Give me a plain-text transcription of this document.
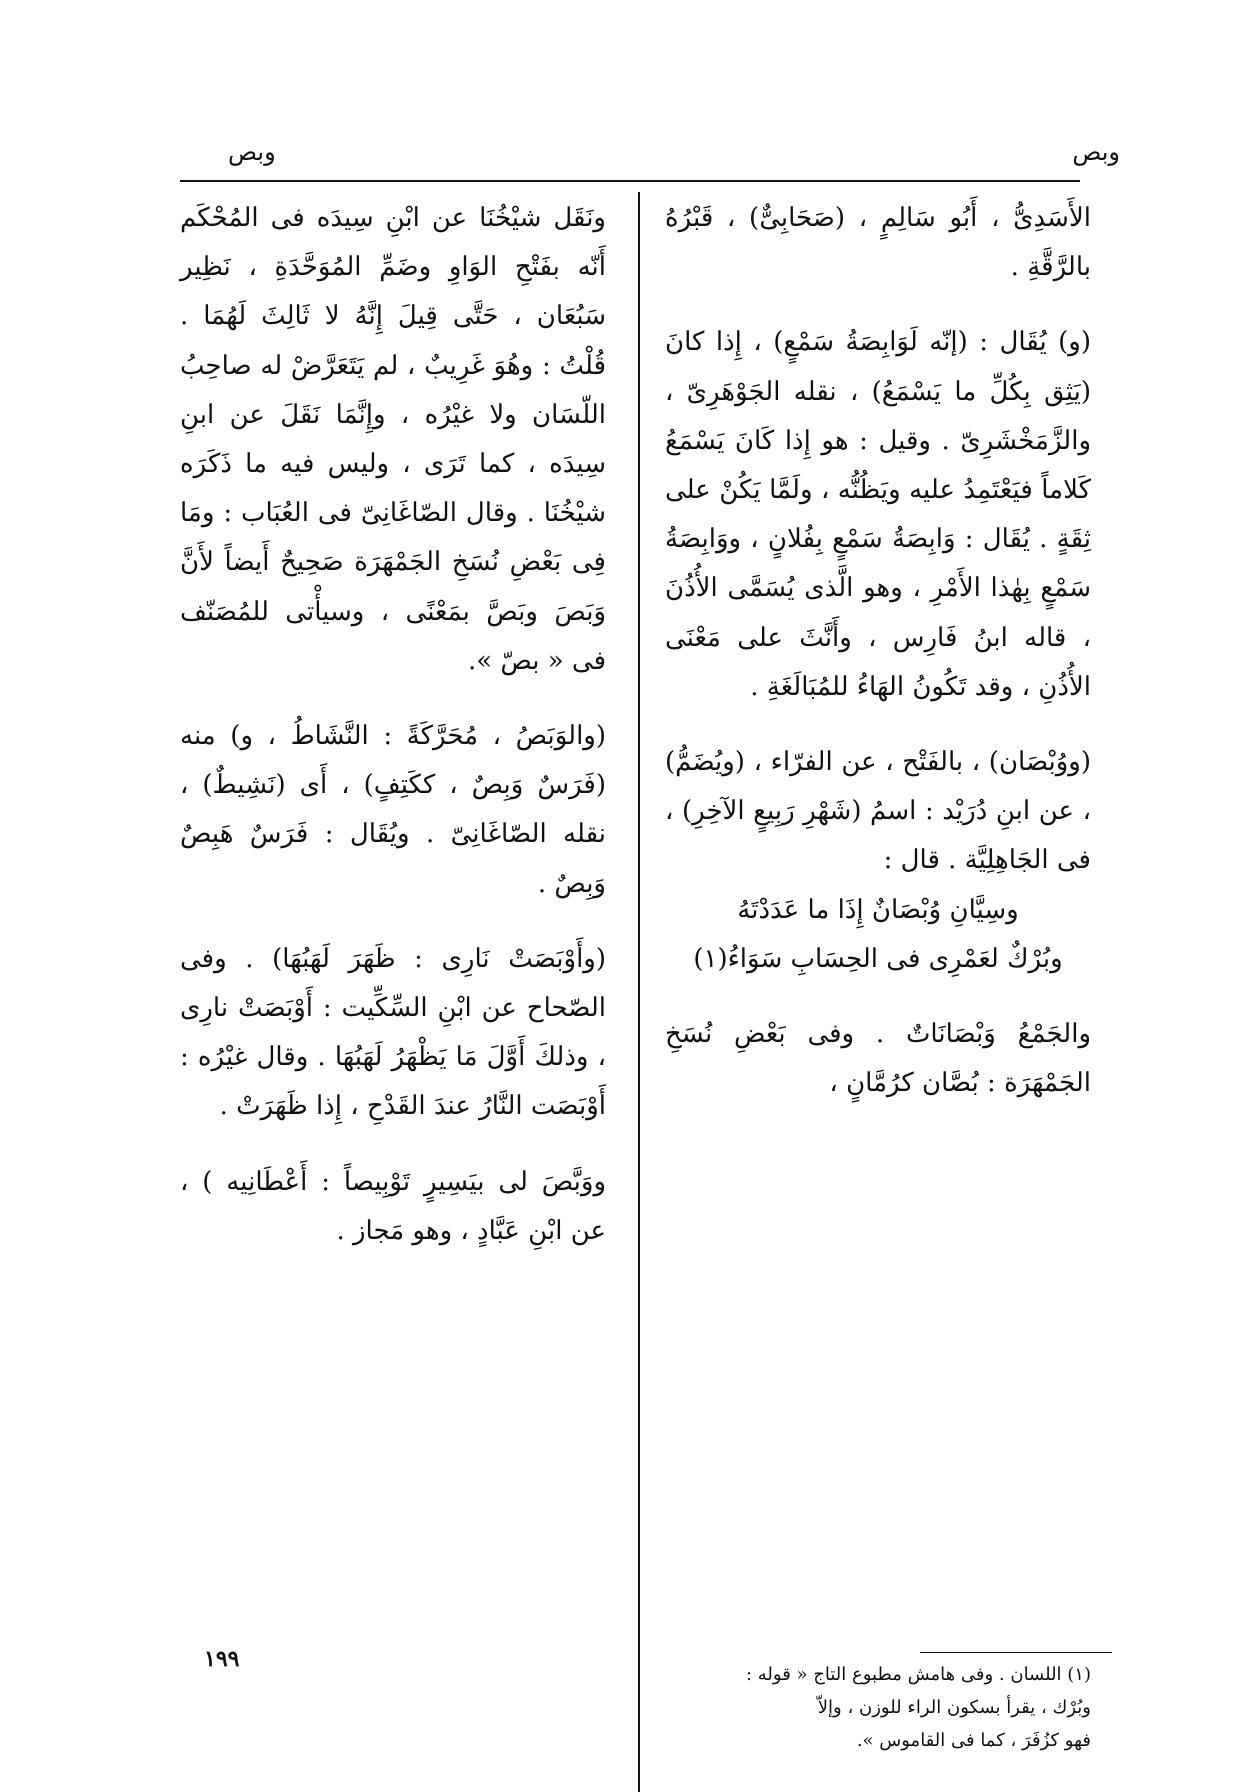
وبص
وبص

الأَسَدِىُّ ، أَبُو سَالِمٍ ، (صَحَابِىٌّ) ، قَبْرُهُ بالرَّقَّةِ .

(و) يُقَال : (إنّه لَوَابِصَةُ سَمْعٍ) ، إِذا كانَ (يَثِق بِكُلِّ ما يَسْمَعُ) ، نقله الجَوْهَرِىّ ، والزَّمَخْشَرِىّ . وقيل : هو إِذا كَانَ يَسْمَعُ كَلاماً فيَعْتَمِدُ عليه ويَظُنُّه ، ولَمَّا يَكُنْ على ثِقَةٍ . يُقَال : وَابِصَةُ سَمْعٍ بِفُلانٍ ، ووَابِصَةُ سَمْعٍ بِهٰذا الأَمْرِ ، وهو الَّذى يُسَمَّى الأُذُنَ ، قاله ابنُ فَارِس ، وأَنَّثَ على مَعْنَى الأُذُنِ ، وقد تَكُونُ الهَاءُ للمُبَالَغَةِ .

(ووُبْصَان) ، بالفَتْح ، عن الفرّاء ، (ويُضَمُّ) ، عن ابنِ دُرَيْد : اسمُ (شَهْرِ رَبِيعٍ الآخِرِ) ، فى الجَاهِلِيَّة . قال :

وسِيَّانِ وُبْصَانٌ إِذَا ما عَدَدْتَهُ

وبُرْكٌ لعَمْرِى فى الحِسَابِ سَوَاءُ(١)

والجَمْعُ وَبْصَانَاتٌ . وفى بَعْضِ نُسَخِ الجَمْهَرَة : بُصَّان كرُمَّانٍ ،

ونَقَل شيْخُنَا عن ابْنِ سِيدَه فى المُحْكَم أَنّه بفَتْحِ الوَاوِ وضَمِّ المُوَحَّدَةِ ، نَظِير سَبُعَان ، حَتَّى قِيلَ إِنَّهُ لا ثَالِثَ لَهُمَا . قُلْتُ : وهُوَ غَرِيبٌ ، لم يَتَعَرَّضْ له صاحِبُ اللّسَان ولا غيْرُه ، وإِنَّمَا نَقَلَ عن ابنِ سِيدَه ، كما تَرَى ، وليس فيه ما ذَكَرَه شيْخُنَا . وقال الصّاغَانِىّ فى العُبَاب : ومَا فِى بَعْضِ نُسَخِ الجَمْهَرَة صَحِيحٌ أَيضاً لأَنَّ وَبَصَ وبَصَّ بمَعْنًى ، وسيأْتى للمُصَنّف فى « بصّ ».

(والوَبَصُ ، مُحَرَّكَةً : النَّشَاطُ ، و) منه (فَرَسٌ وَبِصٌ ، ككَتِفٍ) ، أَى (نَشِيطٌ) ، نقله الصّاغَانِىّ . ويُقَال : فَرَسٌ هَبِصٌ وَبِصٌ .

(وأَوْبَصَتْ نَارِى : ظَهَرَ لَهَبُهَا) . وفى الصّحاح عن ابْنِ السِّكِّيت : أَوْبَصَتْ نارِى ، وذلكَ أَوَّلَ مَا يَظْهَرُ لَهَبُهَا . وقال غيْرُه : أَوْبَصَت النَّارُ عندَ القَدْحِ ، إِذا ظَهَرَتْ .

ووَبَّصَ لى بيَسِيرٍ تَوْبِيصاً : أَعْطَانِيه ) ، عن ابْنِ عَبَّادٍ ، وهو مَجاز .

(١) اللسان . وفى هامش مطبوع التاج « قوله :

وبُرْك ، يقرأ بسكون الراء للوزن ، وإلاّ

فهو كزُفَرَ ، كما فى القاموس ».

١٩٩
